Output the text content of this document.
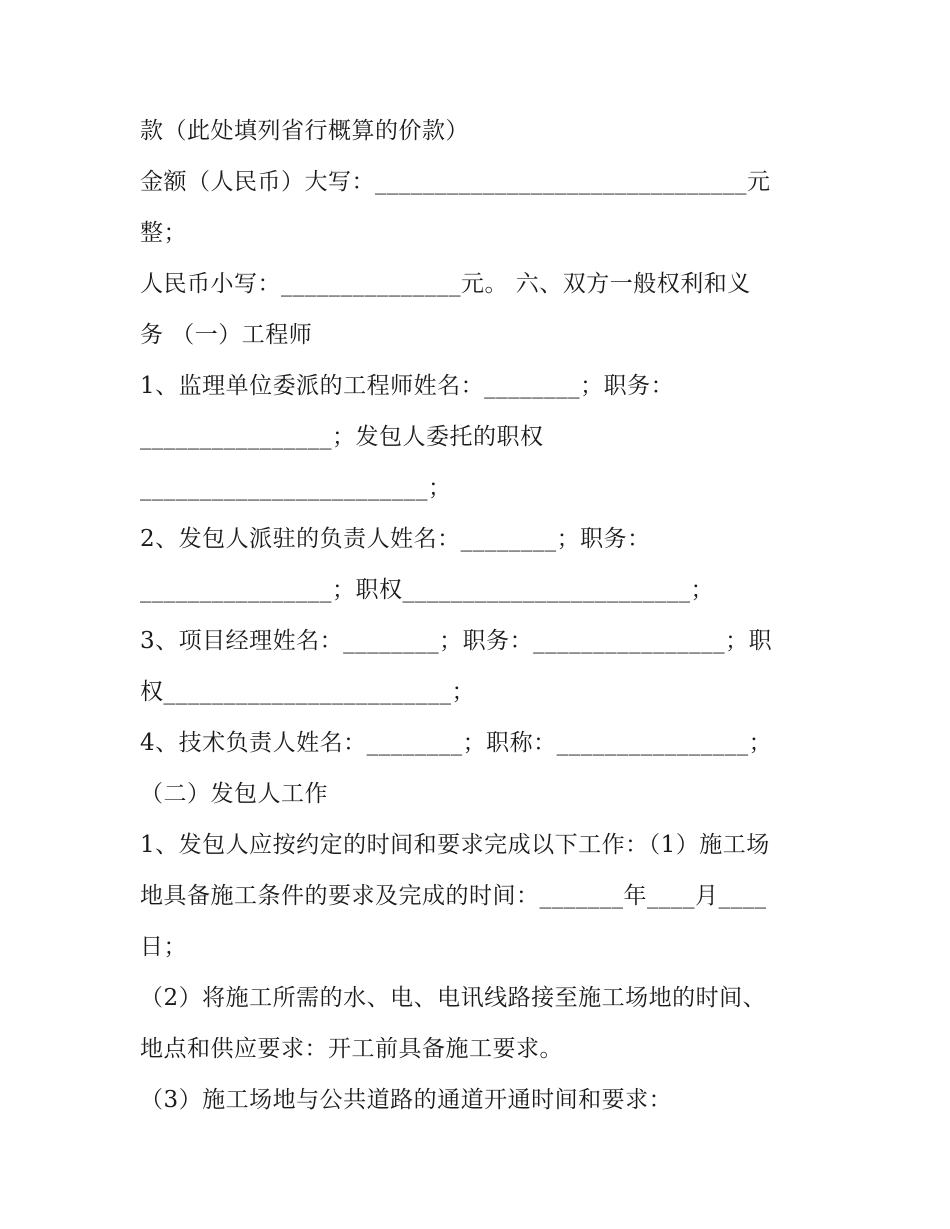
款（此处填列省行概算的价款）
金额（人民币）大写：_______________________________元
整；
人民币小写：_______________元。 六、双方一般权利和义
务 （一）工程师
1、监理单位委派的工程师姓名：________；职务：
________________；发包人委托的职权
________________________；
2、发包人派驻的负责人姓名：________；职务：
________________；职权________________________；
3、项目经理姓名：________；职务：________________；职
权________________________；
4、技术负责人姓名：________；职称：________________；
（二）发包人工作
1、发包人应按约定的时间和要求完成以下工作：（1）施工场
地具备施工条件的要求及完成的时间：_______年____月____
日；
（2）将施工所需的水、电、电讯线路接至施工场地的时间、
地点和供应要求：开工前具备施工要求。
（3）施工场地与公共道路的通道开通时间和要求：
